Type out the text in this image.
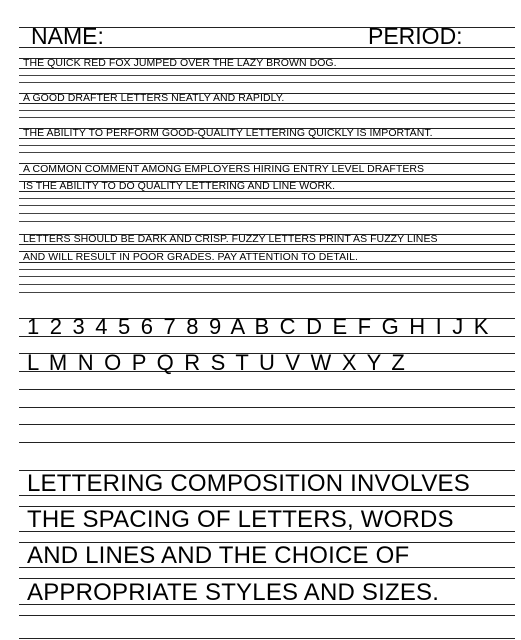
NAME:	PERIOD:
THE QUICK RED FOX JUMPED OVER THE LAZY BROWN DOG.
A GOOD DRAFTER LETTERS NEATLY AND RAPIDLY.
THE ABILITY TO PERFORM GOOD-QUALITY LETTERING QUICKLY IS IMPORTANT.
A COMMON COMMENT AMONG EMPLOYERS HIRING ENTRY LEVEL DRAFTERS
IS THE ABILITY TO DO QUALITY LETTERING AND LINE WORK.
LETTERS SHOULD BE DARK AND CRISP. FUZZY LETTERS PRINT AS FUZZY LINES
AND WILL RESULT IN POOR GRADES. PAY ATTENTION TO DETAIL.
1 2 3 4 5 6 7 8 9 A B C D E F G H I J K
L M N O P Q R S T U V W X Y Z
LETTERING COMPOSITION INVOLVES
THE SPACING OF LETTERS, WORDS
AND LINES AND THE CHOICE OF
APPROPRIATE STYLES AND SIZES.
